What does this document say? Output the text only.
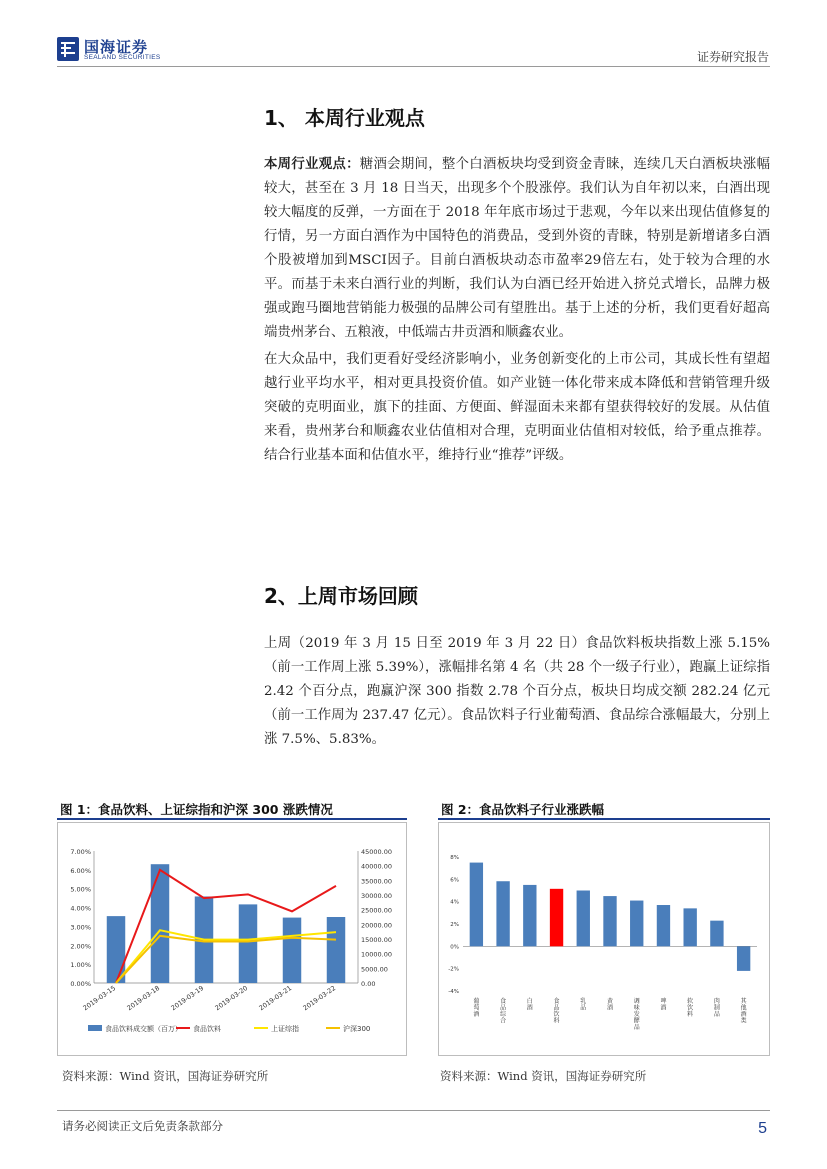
国海证券
SEALAND SECURITIES	证券研究报告
1、 本周行业观点

本周行业观点：糖酒会期间，整个白酒板块均受到资金青睐，连续几天白酒板块涨幅较大，甚至在 3 月 18 日当天，出现多个个股涨停。我们认为自年初以来，白酒出现较大幅度的反弹，一方面在于 2018 年年底市场过于悲观，今年以来出现估值修复的行情，另一方面白酒作为中国特色的消费品，受到外资的青睐，特别是新增诸多白酒个股被增加到MSCI因子。目前白酒板块动态市盈率29倍左右，处于较为合理的水平。而基于未来白酒行业的判断，我们认为白酒已经开始进入挤兑式增长，品牌力极强或跑马圈地营销能力极强的品牌公司有望胜出。基于上述的分析，我们更看好超高端贵州茅台、五粮液，中低端古井贡酒和顺鑫农业。

在大众品中，我们更看好受经济影响小，业务创新变化的上市公司，其成长性有望超越行业平均水平，相对更具投资价值。如产业链一体化带来成本降低和营销管理升级突破的克明面业，旗下的挂面、方便面、鲜湿面未来都有望获得较好的发展。从估值来看，贵州茅台和顺鑫农业估值相对合理，克明面业估值相对较低，给予重点推荐。结合行业基本面和估值水平，维持行业“推荐”评级。

2、上周市场回顾

上周（2019 年 3 月 15 日至 2019 年 3 月 22 日）食品饮料板块指数上涨 5.15%（前一工作周上涨 5.39%），涨幅排名第 4 名（共 28 个一级子行业），跑赢上证综指 2.42 个百分点，跑赢沪深 300 指数 2.78 个百分点，板块日均成交额 282.24 亿元（前一工作周为 237.47 亿元）。食品饮料子行业葡萄酒、食品综合涨幅最大，分别上涨 7.5%、5.83%。

图 1：食品饮料、上证综指和沪深 300 涨跌情况
0.00%
1.00%
2.00%
3.00%
4.00%
5.00%
6.00%
7.00%
0.00
5000.00
10000.00
15000.00
20000.00
25000.00
30000.00
35000.00
40000.00
45000.00
2019-03-15 2019-03-18 2019-03-19 2019-03-20 2019-03-21 2019-03-22
食品饮料成交额（百万） 食品饮料	上证综指	沪深300
资料来源：Wind 资讯，国海证券研究所
图 2：食品饮料子行业涨跌幅
-4%
-2%
0%
2%
4%
6%
8%
葡萄酒
食品综合
白酒
食品饮料
乳品
黄酒
调味发酵品
啤酒
软饮料
肉制品
其他酒类
资料来源：Wind 资讯，国海证券研究所
请务必阅读正文后免责条款部分	5
